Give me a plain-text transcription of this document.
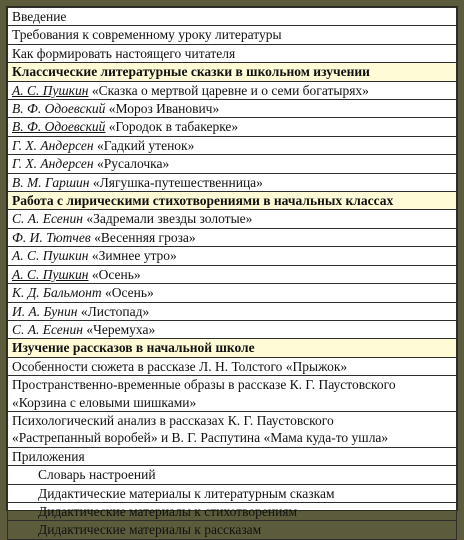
Введение
Требования к современному уроку литературы
Как формировать настоящего читателя
Классические литературные сказки в школьном изучении
А. С. Пушкин «Сказка о мертвой царевне и о семи богатырях»
В. Ф. Одоевский «Мороз Иванович»
В. Ф. Одоевский «Городок в табакерке»
Г. Х. Андерсен «Гадкий утенок»
Г. Х. Андерсен «Русалочка»
В. М. Гаршин «Лягушка-путешественница»
Работа с лирическими стихотворениями в начальных классах
С. А. Есенин «Задремали звезды золотые»
Ф. И. Тютчев «Весенняя гроза»
А. С. Пушкин «Зимнее утро»
А. С. Пушкин «Осень»
К. Д. Бальмонт «Осень»
И. А. Бунин «Листопад»
С. А. Есенин «Черемуха»
Изучение рассказов в начальной школе
Особенности сюжета в рассказе Л. Н. Толстого «Прыжок»

Пространственно-временные образы в рассказе К. Г. Паустовского
«Корзина с еловыми шишками»

Психологический анализ в рассказах К. Г. Паустовского
«Растрепанный воробей» и В. Г. Распутина «Мама куда-то ушла»

Приложения
Словарь настроений
Дидактические материалы к литературным сказкам
Дидактические материалы к стихотворениям
Дидактические материалы к рассказам
